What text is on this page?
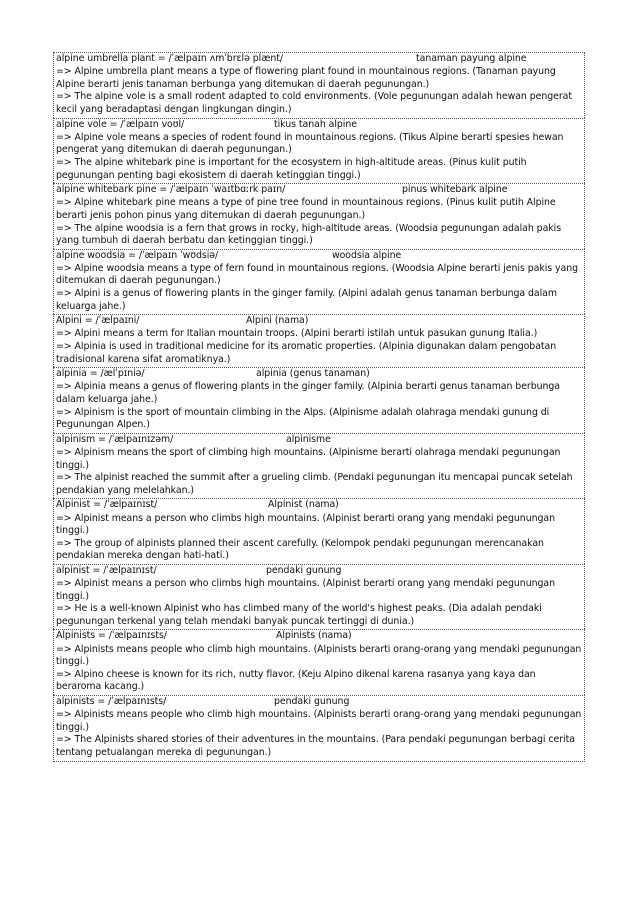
alpine umbrella plant = /ˈælpaɪn ʌmˈbrɛlə plænt/	tanaman payung alpine
=> Alpine umbrella plant means a type of flowering plant found in mountainous regions. (Tanaman payung Alpine berarti jenis tanaman berbunga yang ditemukan di daerah pegunungan.)
=> The alpine vole is a small rodent adapted to cold environments. (Vole pegunungan adalah hewan pengerat kecil yang beradaptasi dengan lingkungan dingin.)
alpine vole = /ˈælpaɪn voʊl/	tikus tanah alpine
=> Alpine vole means a species of rodent found in mountainous regions. (Tikus Alpine berarti spesies hewan pengerat yang ditemukan di daerah pegunungan.)
=> The alpine whitebark pine is important for the ecosystem in high-altitude areas. (Pinus kulit putih pegunungan penting bagi ekosistem di daerah ketinggian tinggi.)
alpine whitebark pine = /ˈælpaɪn ˈwaɪtbɑːrk paɪn/	pinus whitebark alpine
=> Alpine whitebark pine means a type of pine tree found in mountainous regions. (Pinus kulit putih Alpine berarti jenis pohon pinus yang ditemukan di daerah pegunungan.)
=> The alpine woodsia is a fern that grows in rocky, high-altitude areas. (Woodsia pegunungan adalah pakis yang tumbuh di daerah berbatu dan ketinggian tinggi.)
alpine woodsia = /ˈælpaɪn ˈwʊdsiə/	woodsia alpine
=> Alpine woodsia means a type of fern found in mountainous regions. (Woodsia Alpine berarti jenis pakis yang ditemukan di daerah pegunungan.)
=> Alpini is a genus of flowering plants in the ginger family. (Alpini adalah genus tanaman berbunga dalam keluarga jahe.)
Alpini = /ˈælpaɪni/	Alpini (nama)
=> Alpini means a term for Italian mountain troops. (Alpini berarti istilah untuk pasukan gunung Italia.)
=> Alpinia is used in traditional medicine for its aromatic properties. (Alpinia digunakan dalam pengobatan tradisional karena sifat aromatiknya.)
alpinia = /ælˈpɪniə/	alpinia (genus tanaman)
=> Alpinia means a genus of flowering plants in the ginger family. (Alpinia berarti genus tanaman berbunga dalam keluarga jahe.)
=> Alpinism is the sport of mountain climbing in the Alps. (Alpinisme adalah olahraga mendaki gunung di Pegunungan Alpen.)
alpinism = /ˈælpaɪnɪzəm/	alpinisme
=> Alpinism means the sport of climbing high mountains. (Alpinisme berarti olahraga mendaki pegunungan tinggi.)
=> The alpinist reached the summit after a grueling climb. (Pendaki pegunungan itu mencapai puncak setelah pendakian yang melelahkan.)
Alpinist = /ˈælpaɪnɪst/	Alpinist (nama)
=> Alpinist means a person who climbs high mountains. (Alpinist berarti orang yang mendaki pegunungan tinggi.)
=> The group of alpinists planned their ascent carefully. (Kelompok pendaki pegunungan merencanakan pendakian mereka dengan hati-hati.)
alpinist = /ˈælpaɪnɪst/	pendaki gunung
=> Alpinist means a person who climbs high mountains. (Alpinist berarti orang yang mendaki pegunungan tinggi.)
=> He is a well-known Alpinist who has climbed many of the world's highest peaks. (Dia adalah pendaki pegunungan terkenal yang telah mendaki banyak puncak tertinggi di dunia.)
Alpinists = /ˈælpaɪnɪsts/	Alpinists (nama)
=> Alpinists means people who climb high mountains. (Alpinists berarti orang-orang yang mendaki pegunungan tinggi.)
=> Alpino cheese is known for its rich, nutty flavor. (Keju Alpino dikenal karena rasanya yang kaya dan beraroma kacang.)
alpinists = /ˈælpaɪnɪsts/	pendaki gunung
=> Alpinists means people who climb high mountains. (Alpinists berarti orang-orang yang mendaki pegunungan tinggi.)
=> The Alpinists shared stories of their adventures in the mountains. (Para pendaki pegunungan berbagi cerita tentang petualangan mereka di pegunungan.)
